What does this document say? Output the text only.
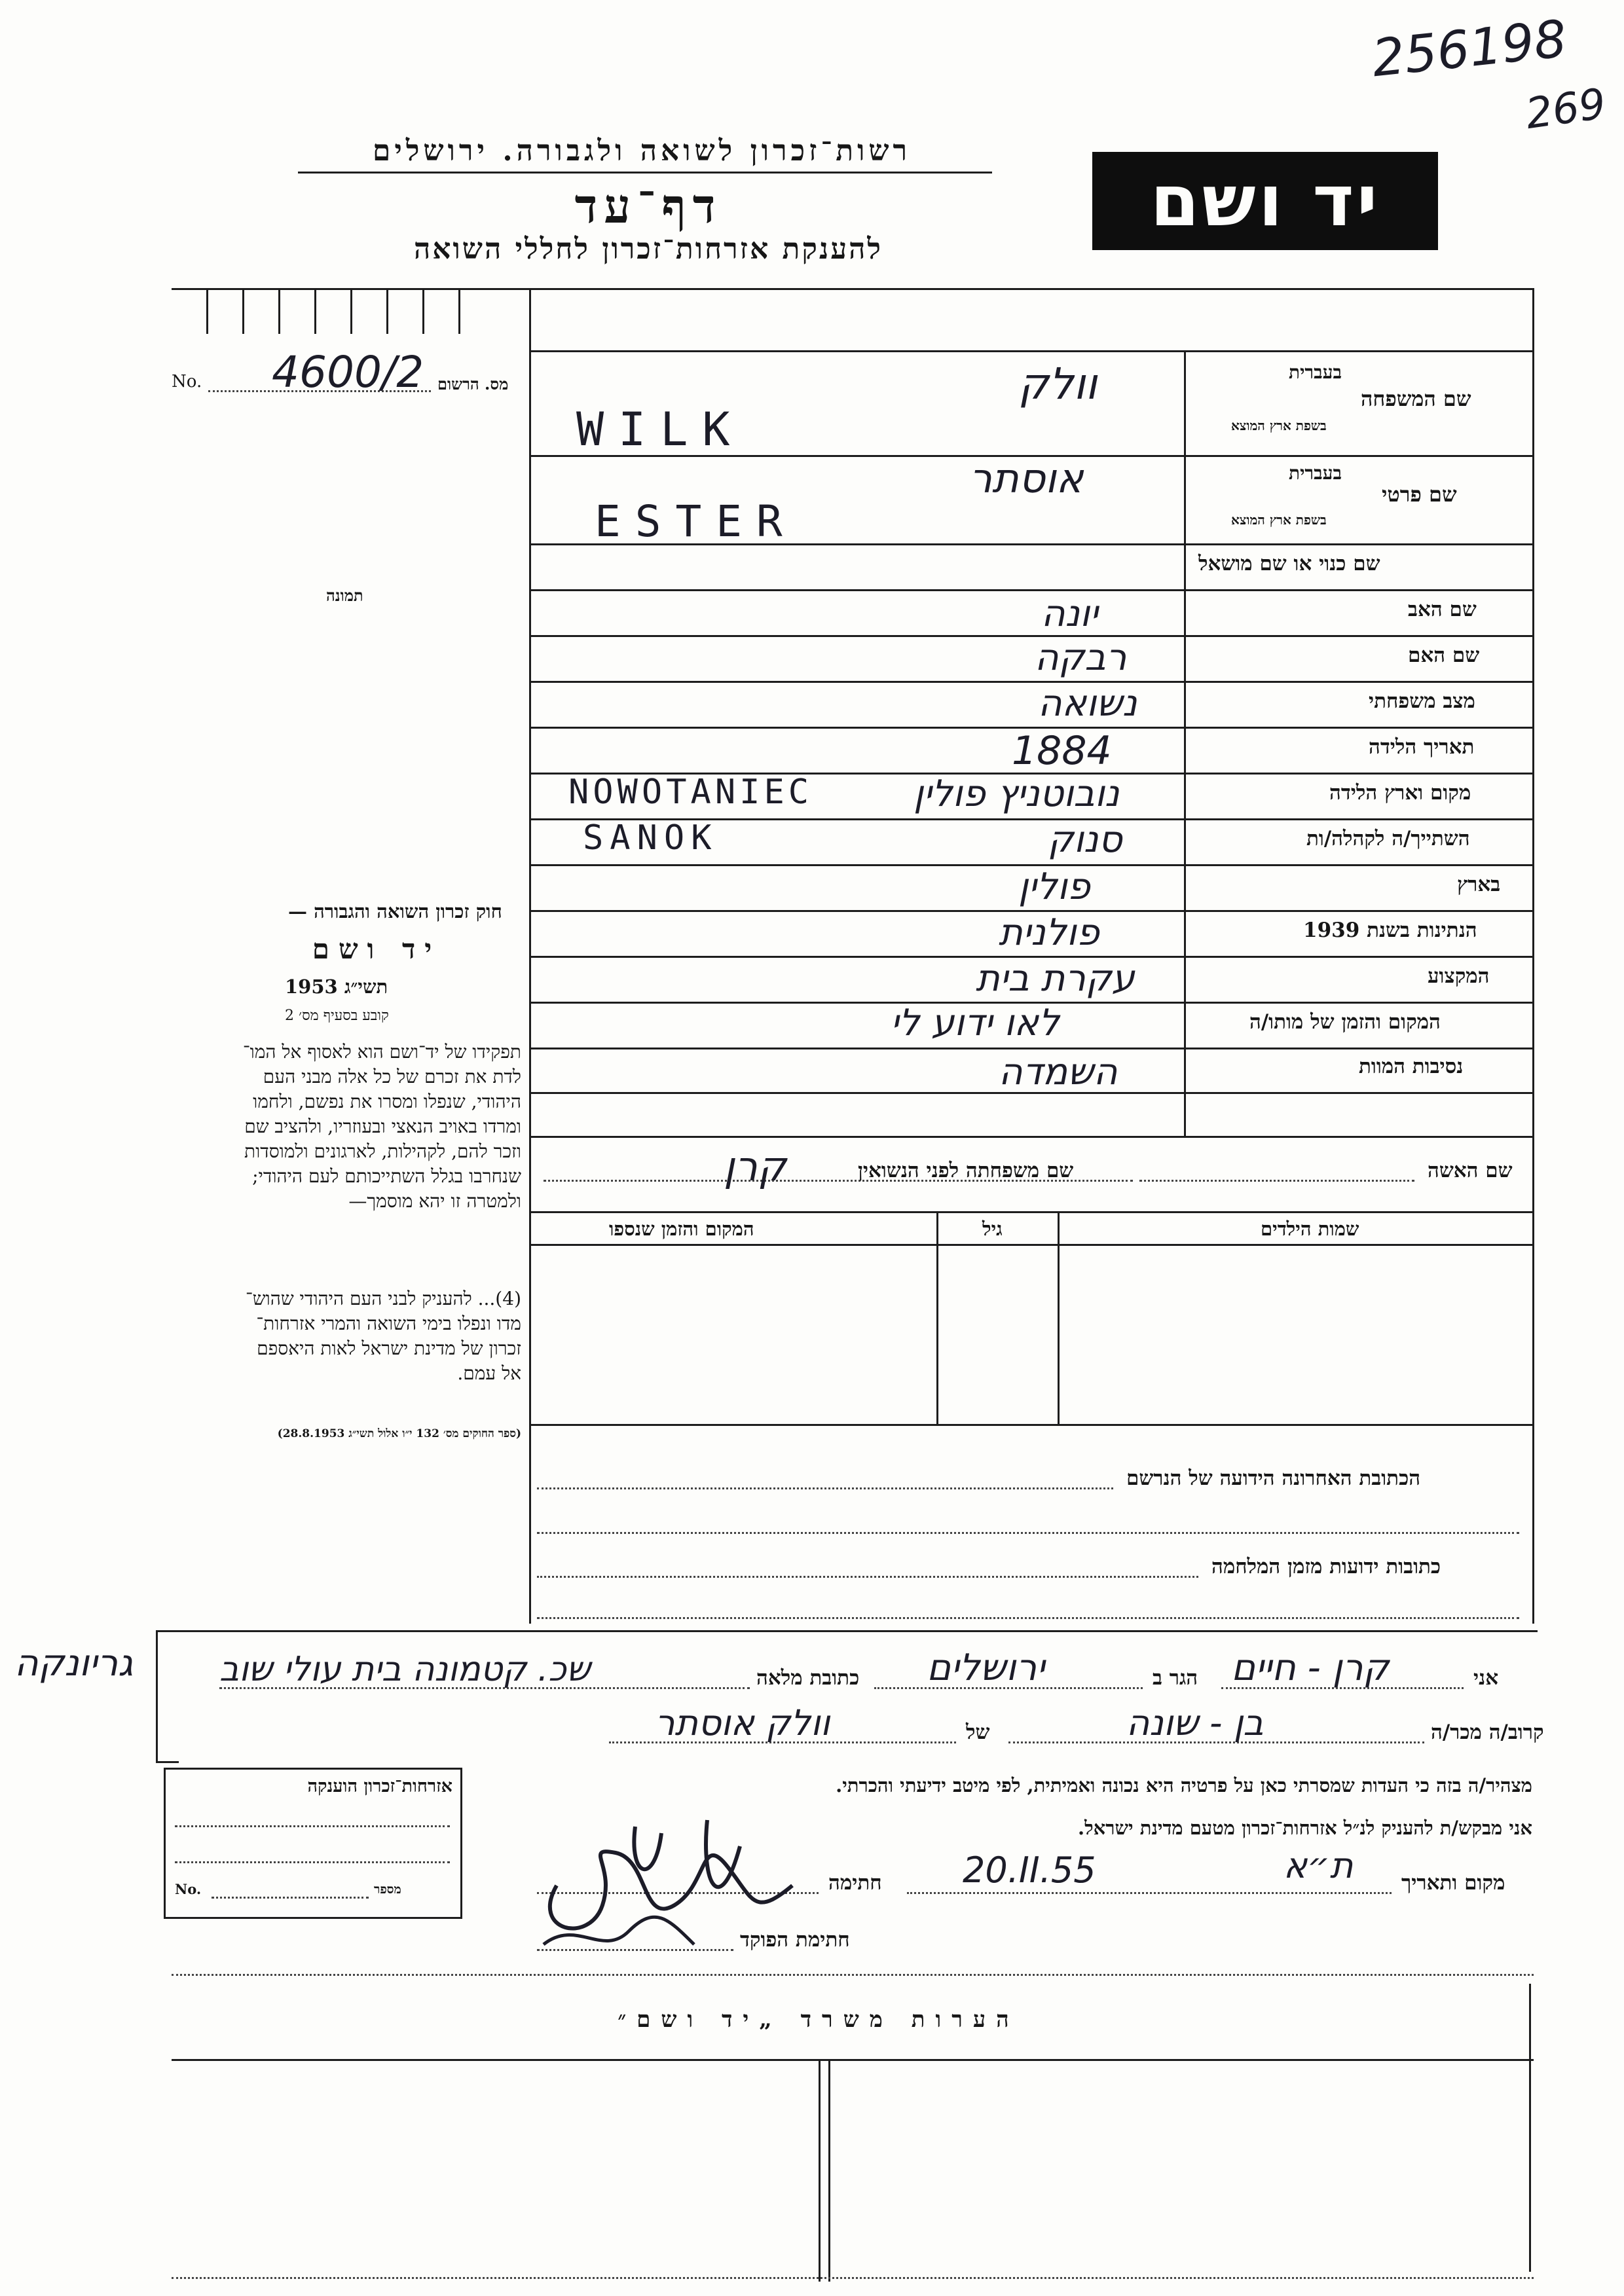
256198
269
רשות־זכרון לשואה ולגבורה. ירושלים
דף־עד
להענקת אזרחות־זכרון לחללי השואה
יד ושם
No. 4600/2 מס. הרשום
תמונה
בעברית
שם המשפחה
בשפת ארץ המוצא
וולק
WILK
בעברית
שם פרטי
בשפת ארץ המוצא
אוסתר
ESTER
שם כנוי או שם מושאל
שם האב
יונה
שם האם
רבקה
מצב משפחתי
נשואה
תאריך הלידה
1884
מקום וארץ הלידה
NOWOTANIEC	נובוטניץ פולין
השתייך/ה לקהלה/ות
SANOK	סנוק
בארץ
פולין
הנתינות בשנת 1939
פולנית
המקצוע
עקרת בית
המקום והזמן של מותו/ה
לאו ידוע לי
נסיבות המוות
השמדה
שם האשה
שם משפחתה לפני הנשואין
קרן
שמות הילדים
גיל
המקום והזמן שנספו
הכתובת האחרונה הידועה של הנרשם
כתובות ידועות מזמן המלחמה
חוק זכרון השואה והגבורה —
יד ושם
תשי״ג 1953
קובע בסעיף מס׳ 2
תפקידו של יד־ושם הוא לאסוף אל המו־
לדת את זכרם של כל אלה מבני העם
היהודי, שנפלו ומסרו את נפשם, ולחמו
ומרדו באויב הנאצי ובעוזריו, ולהציב שם
וזכר להם, לקהילות, לארגונים ולמוסדות
שנחרבו בגלל השתייכותם לעם היהודי;
ולמטרה זו יהא מוסמך—
(4)... להעניק לבני העם היהודי שהוש־
מדו ונפלו בימי השואה והמרי אזרחות־
זכרון של מדינת ישראל לאות היאספם
אל עמם.
(ספר החוקים מס׳ 132 י״ו אלול תשי״ג 28.8.1953)
גריונקה	אני
קרן - חיים
הגר ב
ירושלים
כתובת מלאה
שכ. קטמונה בית עולי שוב
קרוב/ה מכר/ה
בן - שונה
של
וולק אוסתר
מצהיר/ה בזה כי העדות שמסרתי כאן על פרטיה היא נכונה ואמיתית, לפי מיטב ידיעתי והכרתי.
אני מבקש/ת להעניק לנ״ל אזרחות־זכרון מטעם מדינת ישראל.
מקום ותאריך
20.II.55	ת״א
חתימה
חתימת הפוקד
אזרחות־זכרון הוענקה
No.	מספר
הערות משרד „יד ושם״
